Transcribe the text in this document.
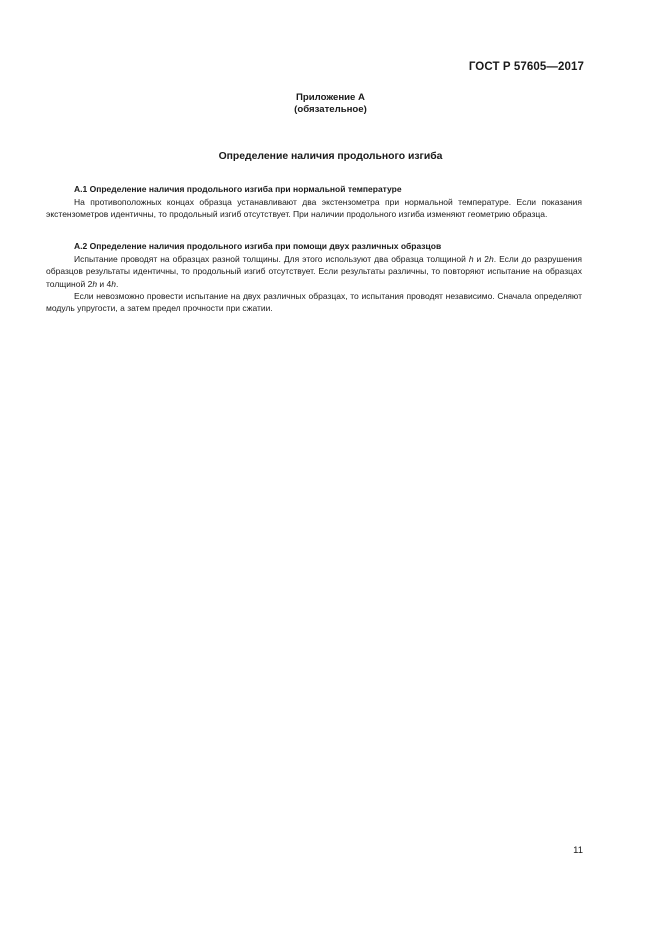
ГОСТ Р 57605—2017
Приложение А
(обязательное)
Определение наличия продольного изгиба

А.1 Определение наличия продольного изгиба при нормальной температуре

На противоположных концах образца устанавливают два экстензометра при нормальной температуре. Если показания экстензометров идентичны, то продольный изгиб отсутствует. При наличии продольного изгиба изменяют геометрию образца.

А.2 Определение наличия продольного изгиба при помощи двух различных образцов

Испытание проводят на образцах разной толщины. Для этого используют два образца толщиной h и 2h. Если до разрушения образцов результаты идентичны, то продольный изгиб отсутствует. Если результаты различны, то повторяют испытание на образцах толщиной 2h и 4h.

Если невозможно провести испытание на двух различных образцах, то испытания проводят независимо. Сначала определяют модуль упругости, а затем предел прочности при сжатии.

11
